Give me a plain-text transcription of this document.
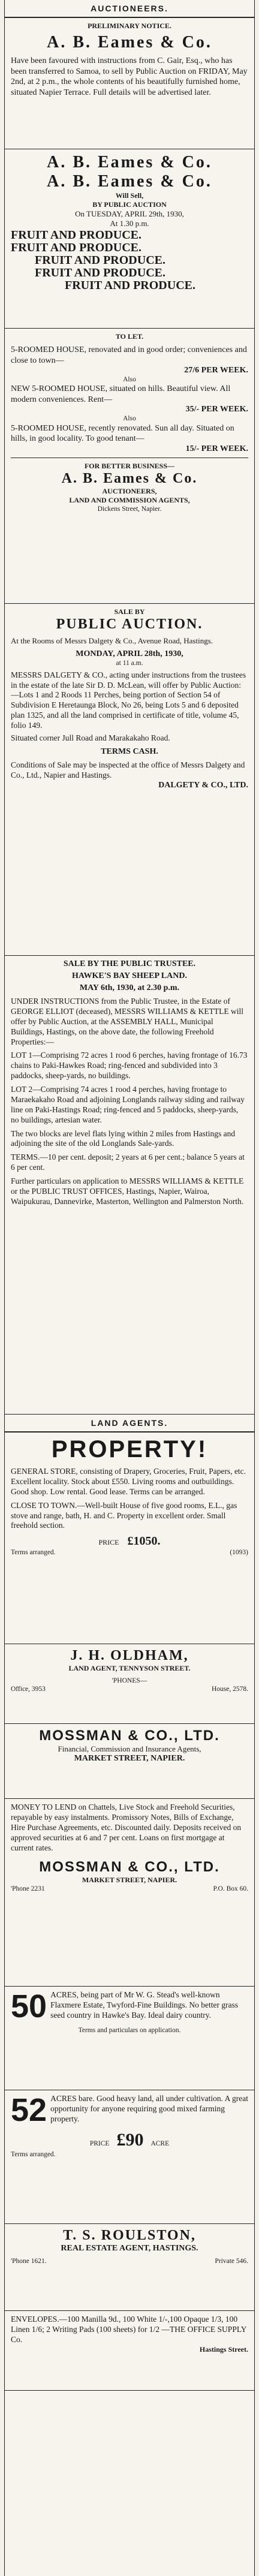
AUCTIONEERS.
PRELIMINARY NOTICE.
A. B. Eames & Co.
Have been favoured with instructions from C. Gair, Esq., who has been transferred to Samoa, to sell by Public Auction on FRIDAY, May 2nd, at 2 p.m., the whole contents of his beautifully furnished home, situated Napier Terrace. Full details will be advertised later.
A. B. Eames & Co.
A. B. Eames & Co.
Will Sell,
BY PUBLIC AUCTION
On TUESDAY, APRIL 29th, 1930,
At 1.30 p.m.
FRUIT AND PRODUCE.
FRUIT AND PRODUCE.
FRUIT AND PRODUCE.
FRUIT AND PRODUCE.
FRUIT AND PRODUCE.
TO LET.
5-ROOMED HOUSE, renovated and in good order; conveniences and close to town—
27/6 PER WEEK.
Also
NEW 5-ROOMED HOUSE, situated on hills. Beautiful view. All modern conveniences. Rent—
35/- PER WEEK.
Also
5-ROOMED HOUSE, recently renovated. Sun all day. Situated on hills, in good locality. To good tenant—
15/- PER WEEK.
FOR BETTER BUSINESS—
A. B. Eames & Co.
AUCTIONEERS,
LAND AND COMMISSION AGENTS,
Dickens Street, Napier.
SALE BY
PUBLIC AUCTION.
At the Rooms of Messrs Dalgety & Co., Avenue Road, Hastings.
MONDAY, APRIL 28th, 1930,
at 11 a.m.
MESSRS DALGETY & CO., acting under instructions from the trustees in the estate of the late Sir D. D. McLean, will offer by Public Auction:—Lots 1 and 2 Roods 11 Perches, being portion of Section 54 of Subdivision E Heretaunga Block, No 26, being Lots 5 and 6 deposited plan 1325, and all the land comprised in certificate of title, volume 45, folio 149.
Situated corner Jull Road and Marakakaho Road.
TERMS CASH.
Conditions of Sale may be inspected at the office of Messrs Dalgety and Co., Ltd., Napier and Hastings.
DALGETY & CO., LTD.
SALE BY THE PUBLIC TRUSTEE.
HAWKE'S BAY SHEEP LAND.
MAY 6th, 1930, at 2.30 p.m.
UNDER INSTRUCTIONS from the Public Trustee, in the Estate of GEORGE ELLIOT (deceased), MESSRS WILLIAMS & KETTLE will offer by Public Auction, at the ASSEMBLY HALL, Municipal Buildings, Hastings, on the above date, the following Freehold Properties:—
LOT 1—Comprising 72 acres 1 rood 6 perches, having frontage of 16.73 chains to Paki-Hawkes Road; ring-fenced and subdivided into 3 paddocks, sheep-yards, no buildings.
LOT 2—Comprising 74 acres 1 rood 4 perches, having frontage to Maraekakaho Road and adjoining Longlands railway siding and railway line on Paki-Hastings Road; ring-fenced and 5 paddocks, sheep-yards, no buildings, artesian water.
The two blocks are level flats lying within 2 miles from Hastings and adjoining the site of the old Longlands Sale-yards.
TERMS.—10 per cent. deposit; 2 years at 6 per cent.; balance 5 years at 6 per cent.
Further particulars on application to MESSRS WILLIAMS & KETTLE or the PUBLIC TRUST OFFICES, Hastings, Napier, Wairoa, Waipukurau, Dannevirke, Masterton, Wellington and Palmerston North.
LAND AGENTS.
PROPERTY!
GENERAL STORE, consisting of Drapery, Groceries, Fruit, Papers, etc. Excellent locality. Stock about £550. Living rooms and outbuildings. Good shop. Low rental. Good lease. Terms can be arranged.
CLOSE TO TOWN.—Well-built House of five good rooms, E.L., gas stove and range, bath, H. and C. Property in excellent order. Small freehold section.
PRICE £1050.
Terms arranged.	(1093)
J. H. OLDHAM,
LAND AGENT, TENNYSON STREET.
'PHONES—
Office, 3953	House, 2578.
MOSSMAN & CO., LTD.
Financial, Commission and Insurance Agents,
MARKET STREET, NAPIER.
MONEY TO LEND on Chattels, Live Stock and Freehold Securities, repayable by easy instalments. Promissory Notes, Bills of Exchange, Hire Purchase Agreements, etc. Discounted daily. Deposits received on approved securities at 6 and 7 per cent. Loans on first mortgage at current rates.
MOSSMAN & CO., LTD.
MARKET STREET, NAPIER.
'Phone 2231	P.O. Box 60.
50 ACRES, being part of Mr W. G. Stead's well-known Flaxmere Estate, Twyford-Fine Buildings. No better grass seed country in Hawke's Bay. Ideal dairy country.
Terms and particulars on application.
52 ACRES bare. Good heavy land, all under cultivation. A great opportunity for anyone requiring good mixed farming property.
PRICE £90 ACRE
Terms arranged.
T. S. ROULSTON,
REAL ESTATE AGENT, HASTINGS.
'Phone 1621.	Private 546.
ENVELOPES.—100 Manilla 9d., 100 White 1/-,100 Opaque 1/3, 100 Linen 1/6; 2 Writing Pads (100 sheets) for 1/2 —THE OFFICE SUPPLY Co.
Hastings Street.
